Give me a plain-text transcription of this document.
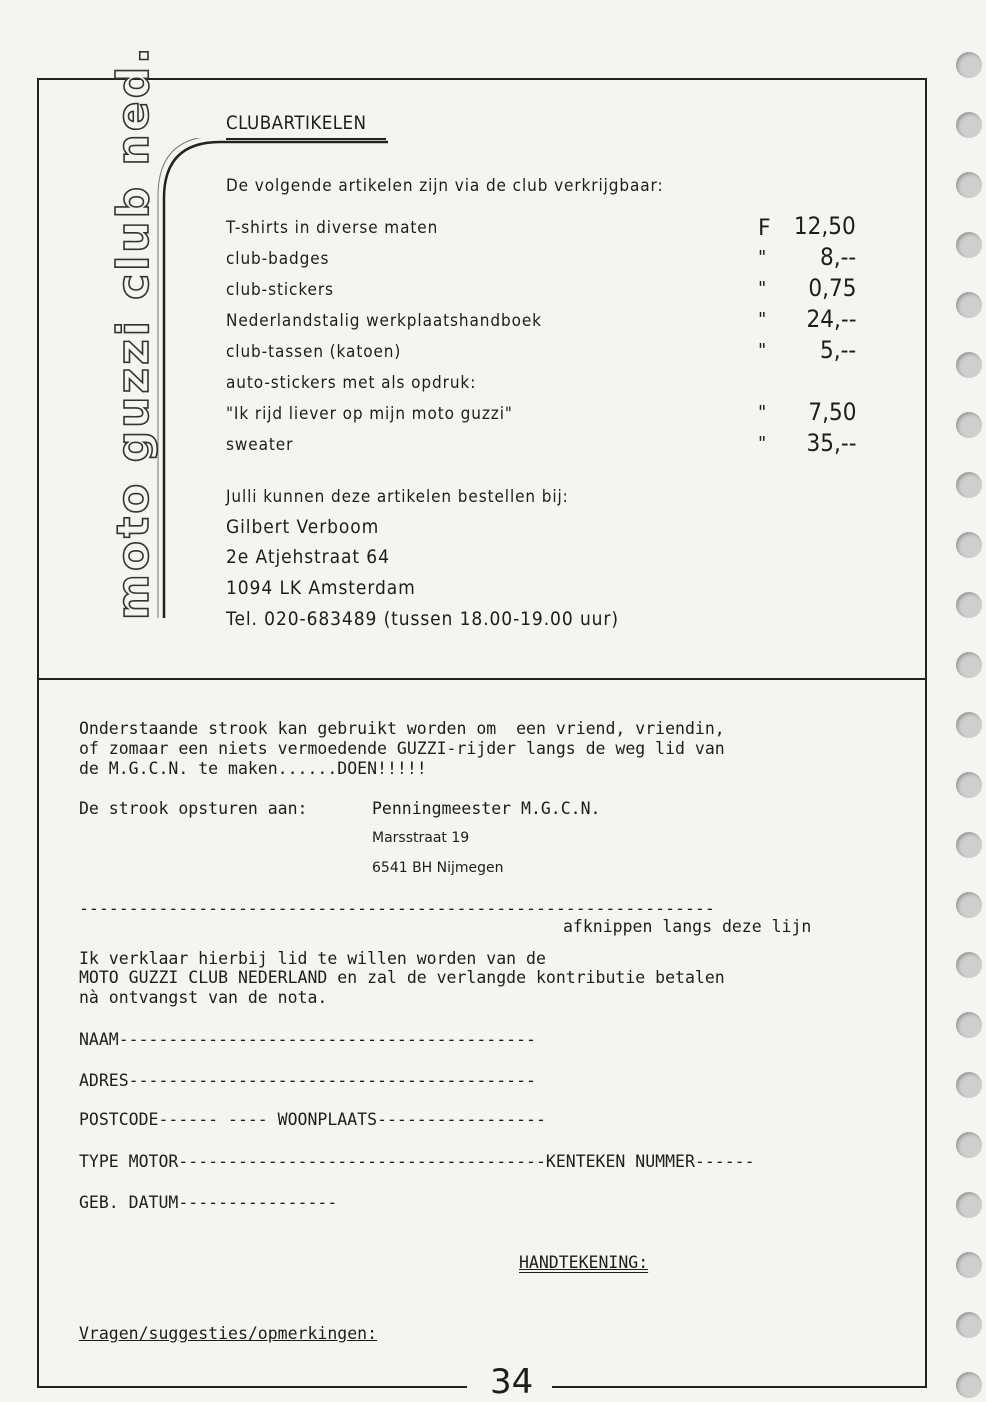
moto guzzi club ned.	CLUBARTIKELEN
De volgende artikelen zijn via de club verkrijgbaar:
T-shirts in diverse maten	F 12,50
club-badges	" 8,--
club-stickers	" 0,75
Nederlandstalig werkplaatshandboek	" 24,--
club-tassen (katoen)	" 5,--
auto-stickers met als opdruk:
"Ik rijd liever op mijn moto guzzi"	" 7,50
sweater	" 35,--
Julli kunnen deze artikelen bestellen bij:
Gilbert Verboom
2e Atjehstraat 64
1094 LK Amsterdam
Tel. 020-683489 (tussen 18.00-19.00 uur)
Onderstaande strook kan gebruikt worden om  een vriend, vriendin,
of zomaar een niets vermoedende GUZZI-rijder langs de weg lid van
de M.G.C.N. te maken......DOEN!!!!!
De strook opsturen aan:	Penningmeester M.G.C.N.
Marsstraat 19
6541 BH Nijmegen
----------------------------------------------------------------
afknippen langs deze lijn
Ik verklaar hierbij lid te willen worden van de
MOTO GUZZI CLUB NEDERLAND en zal de verlangde kontributie betalen
nà ontvangst van de nota.
NAAM------------------------------------------
ADRES-----------------------------------------
POSTCODE------ ---- WOONPLAATS-----------------
TYPE MOTOR-------------------------------------KENTEKEN NUMMER------
GEB. DATUM----------------
HANDTEKENING:
Vragen/suggesties/opmerkingen:
34
